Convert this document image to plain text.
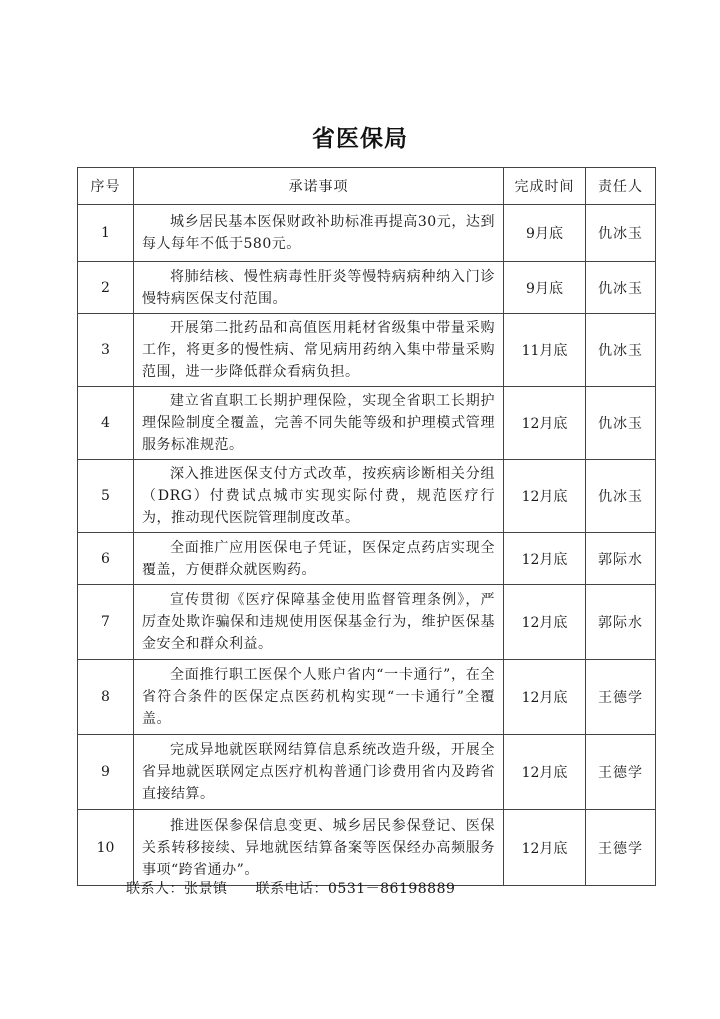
省医保局
序号	承诺事项	完成时间	责任人
1	城乡居民基本医保财政补助标准再提高30元，达到每人每年不低于580元。	9月底	仇冰玉
2	将肺结核、慢性病毒性肝炎等慢特病病种纳入门诊慢特病医保支付范围。	9月底	仇冰玉
3	开展第二批药品和高值医用耗材省级集中带量采购工作，将更多的慢性病、常见病用药纳入集中带量采购范围，进一步降低群众看病负担。	11月底	仇冰玉
4	建立省直职工长期护理保险，实现全省职工长期护理保险制度全覆盖，完善不同失能等级和护理模式管理服务标准规范。	12月底	仇冰玉
5	深入推进医保支付方式改革，按疾病诊断相关分组（DRG）付费试点城市实现实际付费，规范医疗行为，推动现代医院管理制度改革。	12月底	仇冰玉
6	全面推广应用医保电子凭证，医保定点药店实现全覆盖，方便群众就医购药。	12月底	郭际水
7	宣传贯彻《医疗保障基金使用监督管理条例》，严厉查处欺诈骗保和违规使用医保基金行为，维护医保基金安全和群众利益。	12月底	郭际水
8	全面推行职工医保个人账户省内“一卡通行”，在全省符合条件的医保定点医药机构实现“一卡通行”全覆盖。	12月底	王德学
9	完成异地就医联网结算信息系统改造升级，开展全省异地就医联网定点医疗机构普通门诊费用省内及跨省直接结算。	12月底	王德学
10	推进医保参保信息变更、城乡居民参保登记、医保关系转移接续、异地就医结算备案等医保经办高频服务事项“跨省通办”。	12月底	王德学
联系人：张景镇 联系电话：0531－86198889
